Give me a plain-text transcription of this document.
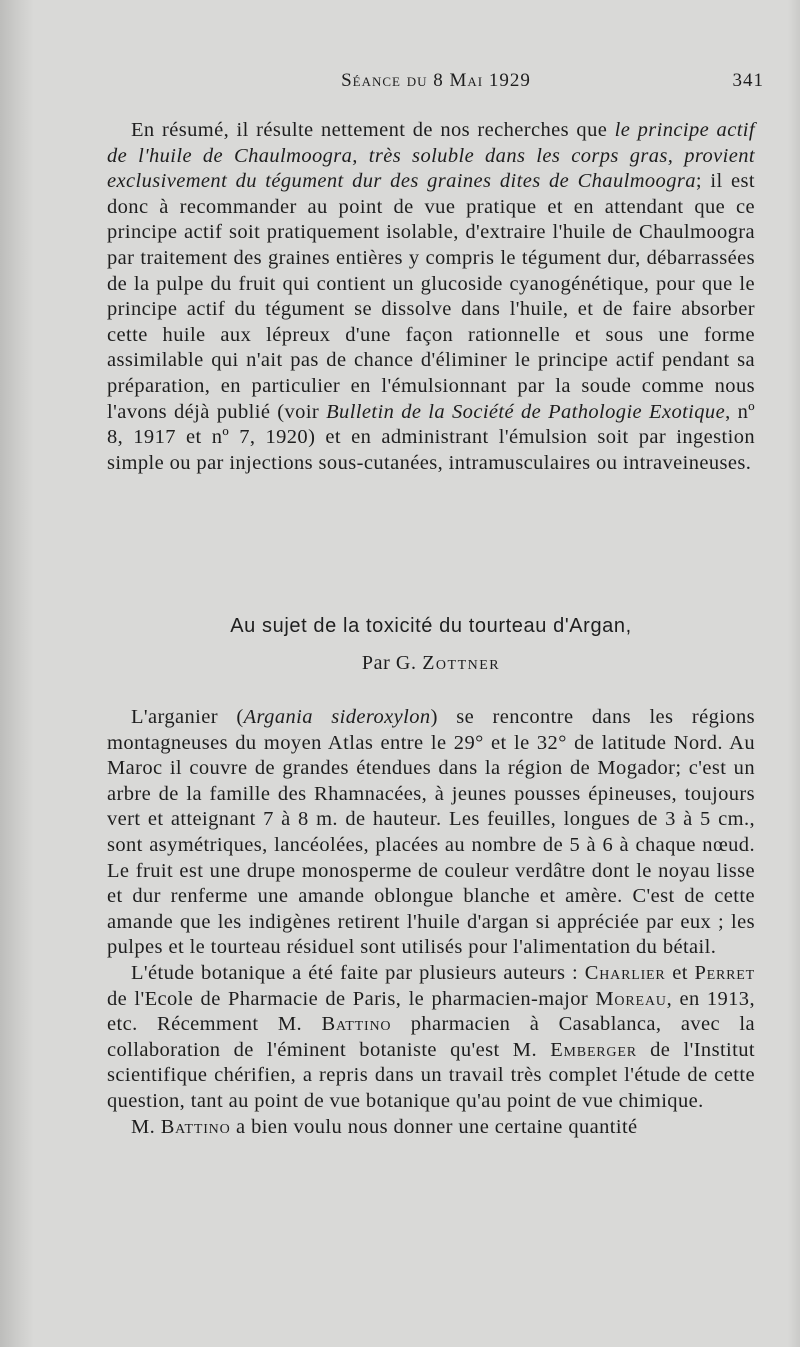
Séance du 8 Mai 1929	341

En résumé, il résulte nettement de nos recherches que le principe actif de l'huile de Chaulmoogra, très soluble dans les corps gras, provient exclusivement du tégument dur des graines dites de Chaulmoogra; il est donc à recommander au point de vue pratique et en attendant que ce principe actif soit pratiquement isolable, d'extraire l'huile de Chaulmoogra par traitement des graines entières y compris le tégument dur, débarrassées de la pulpe du fruit qui contient un glucoside cyanogénétique, pour que le principe actif du tégument se dissolve dans l'huile, et de faire absorber cette huile aux lépreux d'une façon rationnelle et sous une forme assimilable qui n'ait pas de chance d'éliminer le principe actif pendant sa préparation, en particulier en l'émulsionnant par la soude comme nous l'avons déjà publié (voir Bulletin de la Société de Pathologie Exotique, nº 8, 1917 et nº 7, 1920) et en administrant l'émulsion soit par ingestion simple ou par injections sous-cutanées, intramusculaires ou intraveineuses.

Au sujet de la toxicité du tourteau d'Argan,
Par G. Zottner

L'arganier (Argania sideroxylon) se rencontre dans les régions montagneuses du moyen Atlas entre le 29° et le 32° de latitude Nord. Au Maroc il couvre de grandes étendues dans la région de Mogador; c'est un arbre de la famille des Rhamnacées, à jeunes pousses épineuses, toujours vert et atteignant 7 à 8 m. de hauteur. Les feuilles, longues de 3 à 5 cm., sont asymétriques, lancéolées, placées au nombre de 5 à 6 à chaque nœud. Le fruit est une drupe monosperme de couleur verdâtre dont le noyau lisse et dur renferme une amande oblongue blanche et amère. C'est de cette amande que les indigènes retirent l'huile d'argan si appréciée par eux ; les pulpes et le tourteau résiduel sont utilisés pour l'alimentation du bétail.

L'étude botanique a été faite par plusieurs auteurs : Charlier et Perret de l'Ecole de Pharmacie de Paris, le pharmacien-major Moreau, en 1913, etc. Récemment M. Battino pharmacien à Casablanca, avec la collaboration de l'éminent botaniste qu'est M. Emberger de l'Institut scientifique chérifien, a repris dans un travail très complet l'étude de cette question, tant au point de vue botanique qu'au point de vue chimique.

M. Battino a bien voulu nous donner une certaine quantité
